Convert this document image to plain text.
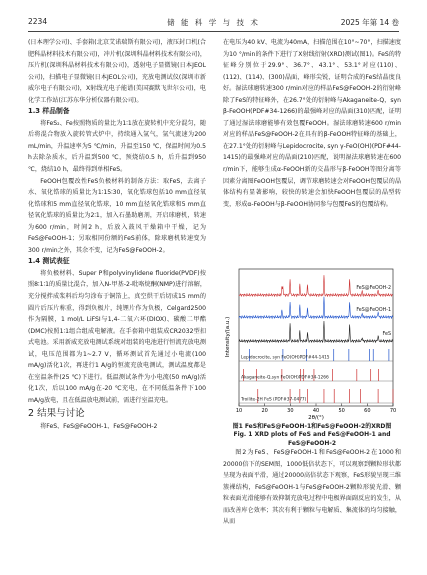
2234	储 能 科 学 与 技 术	2025 年第 14 卷

(日本理学公司)、手套箱(北京艾诺瑞斯有限公司)，液压封口机(合肥科晶材料技术有限公司)，冲片机(深圳科晶材料技术有限公司)，压片机(深圳科晶材料技术有限公司)，透射电子显微镜(日本JEOL公司)，扫描电子显微镜(日本JEOL公司)，充放电测试仪(深圳市新威尔电子有限公司)，X射线光电子能谱(美国赛默飞世尔公司)，电化学工作站(江苏东华分析仪器有限公司)。

1.3 样品制备

将FeS₂、Fe按照物质的量比为1∶1放在旋转机中充分混匀，随后将混合物放入旋转管式炉中，持续通入氩气，氩气流速为200 mL/min，升温速率为5 ℃/min，升温至150 ℃，保温时间为0.5 h去除杂质水，后升温到500 ℃，预烧结0.5 h，后升温到950 ℃，烧结10 h，最终得到单相FeS。

FeOOH包覆改性FeS负极材料的制备方法：取FeS，去离子水、氧化锆球的质量比为1∶15∶30，氧化锆球包括10 mm直径氧化锆球和5 mm直径氧化锆球，10 mm直径氧化锆球和5 mm直径氧化锆球的质量比为2∶1，加入石墨助磨剂，开启球磨机，转速为600 r/min，时间2 h，后放入鼓风干燥箱中干燥，记为FeS@FeOOH-1；另取相同份额的FeS前体，除球磨机转速变为300 r/min之外，其余不变，记为FeS@FeOOH-2。

1.4 测试表征

将负极材料、Super P和polyvinylidene fluoride(PVDF)按照8∶1∶1的质量比混合，加入N-甲基-2-吡咯烷酮(NMP)进行溶解，充分搅拌成浆料后均匀涂布于铜箔上，真空烘干后切成15 mm的圆片后压片称重，得到负极片，纯锂片作为负极，Celgard2500作为隔膜，1 mol/L LiFSI与1,4-二氧六环(DIOX)、碳酸二甲酯(DMC)按照1∶1组合组成电解液。在手套箱中组装成CR2032型扣式电池。采用新威充放电测试系统对组装的电池进行恒流充放电测试，电压范围都为1~2.7 V，循环测试首先通过小电流(100 mA/g)活化1次，再进行1 A/g的恒流充放电测试，测试温度都是在室温条件(25 ℃)下进行。低温测试条件为小电流(50 mA/g)活化1次，后以100 mA/g在-20 ℃充电，在不同低温条件下100 mA/g放电，且在低温放电测试前，需进行室温充电。

2 结果与讨论

将FeS、FeS@FeOOH-1、FeS@FeOOH-2

在电压为40 kV、电流为40mA，扫描范围在10°~70°，扫描速度为10 °/min的条件下进行了X射线衍射(XRD)测试(图1)。FeS的特征峰分别位于29.9°、36.7°、43.1°、53.1°对应(110)、(112)、(114)、(300)晶面，峰形尖锐，证明合成的FeS结晶度良好。湿法球磨转速300 r/min对应的样品FeS@FeOOH-2的衍射峰除了FeS的特征峰外，在26.7°处的衍射峰与Akaganeite-Q，syn β-FeOOH(PDF#34-1266)的最强峰对应的晶面(310)匹配，证明了通过湿法球磨能够有效包覆FeOOH。湿法球磨转速600 r/min对应的样品FeS@FeOOH-2在具有的β-FeOOH特征峰的基础上，在27.1°处的衍射峰与Lepidocrocite, syn γ-FeO(OH)(PDF#44-1415)的最强峰对应的晶面(210)匹配，说明湿法球磨转速在600 r/min下，能够生成α-FeOOH新的交晶形与β-FeOOH等图分离等因素分离图FeOOH包覆层，调节球磨转速会对FeOOH包覆层的晶体结构有显著影响，较快的转速会加快FeOOH包覆层的晶型转变，形成α-FeOOH与β-FeOOH协同参与包覆FeS的包覆结构。

FeS@FeOOH-2
FeS@FeOOH-1
FeS
Lepidocrocite, syn FeO(OH)PDF#44-1415
Akaganeite-Q,syn FeO(OH)PDF#34-1266
Troilite-2H FeS (PDF#37-0477)
10	20	30	40	50	60	70
2θ/(°)
Intensity/(a.u.)
图1 FeS和FeS@FeOOH-1和FeS@FeOOH-2的XRD图
Fig. 1 XRD plots of FeS and FeS@FeOOH-1 and FeS@FeOOH-2

图2为FeS、FeS@FeOOH-1和FeS@FeOOH-2在1000和20000倍下的SEM图，1000低倍状态下，可以观察到颗粒形状都呈现为表面平滑，通过20000高倍状态下观察，FeS形貌呈现三维簇裸结构，FeS@FeOOH-1与FeS@FeOOH-2颗粒形貌光滑、颗粒表面光滑能够有效抑制充放电过程中电极界面副反应的发生，从而改善库仑效率；其次有利于颗粒与电解质、集流体的均匀接触，从而
